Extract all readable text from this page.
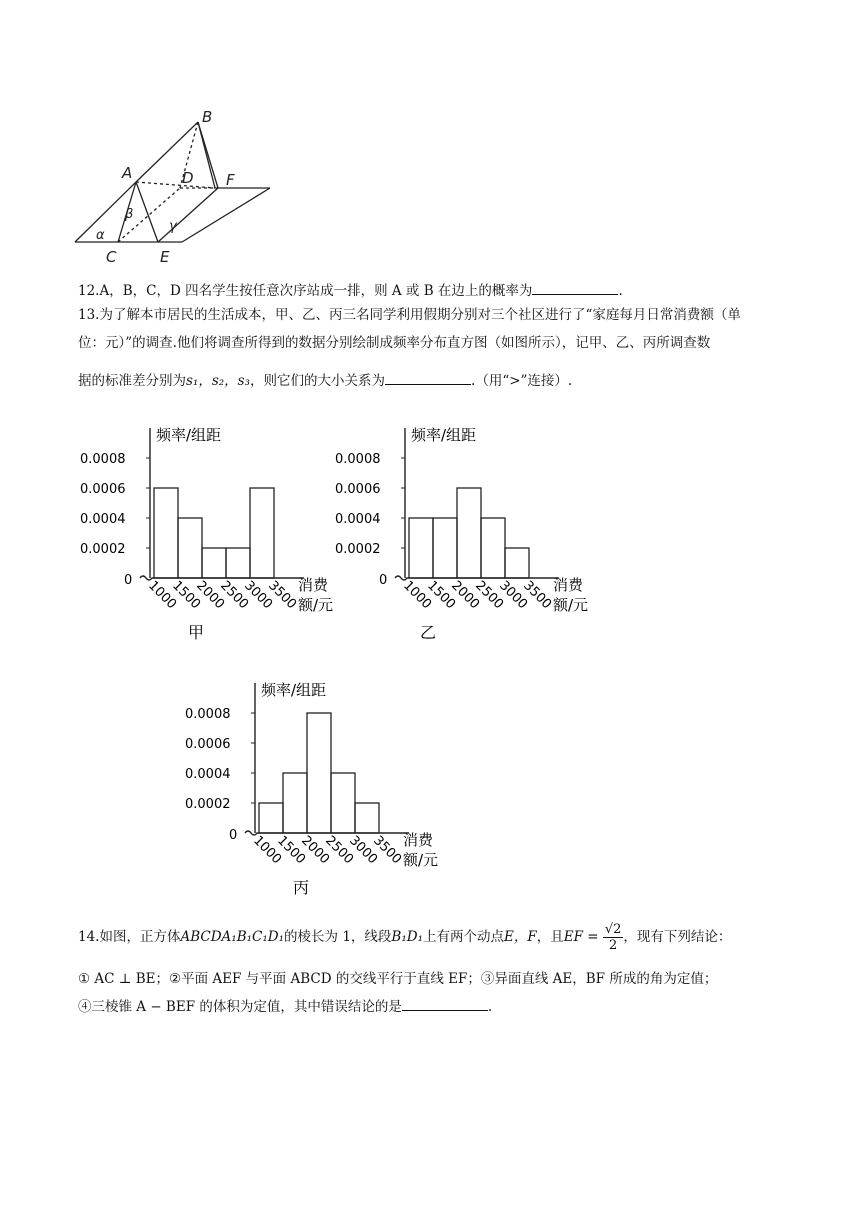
B
A	D F
C	E
α
β
γ
12.A，B，C，D 四名学生按任意次序站成一排，则 A 或 B 在边上的概率为	.
13.为了解本市居民的生活成本，甲、乙、丙三名同学利用假期分别对三个社区进行了“家庭每月日常消费额（单
位：元）”的调查.他们将调查所得到的数据分别绘制成频率分布直方图（如图所示），记甲、乙、丙所调查数
据的标准差分别为s₁，s₂，s₃，则它们的大小关系为	.（用“>”连接）.
0
频率/组距
0.0002
0.0004
0.0006
0.0008
1000
1500
2000
2500
3000
3500
消费
额/元
甲
0
频率/组距
0.0002
0.0004
0.0006
0.0008
1000
1500
2000
2500
3000
3500
消费
额/元
乙
0
频率/组距
0.0002
0.0004
0.0006
0.0008
1000
1500
2000
2500
3000
3500
消费
额/元
丙
14.如图，正方体ABCDA₁B₁C₁D₁的棱长为 1，线段B₁D₁上有两个动点E，F，且EF = $\frac{√2}{2}$ ，现有下列结论：
① AC ⊥ BE；②平面 AEF 与平面 ABCD 的交线平行于直线 EF；③异面直线 AE，BF 所成的角为定值；
④三棱锥 A − BEF 的体积为定值，其中错误结论的是	.
